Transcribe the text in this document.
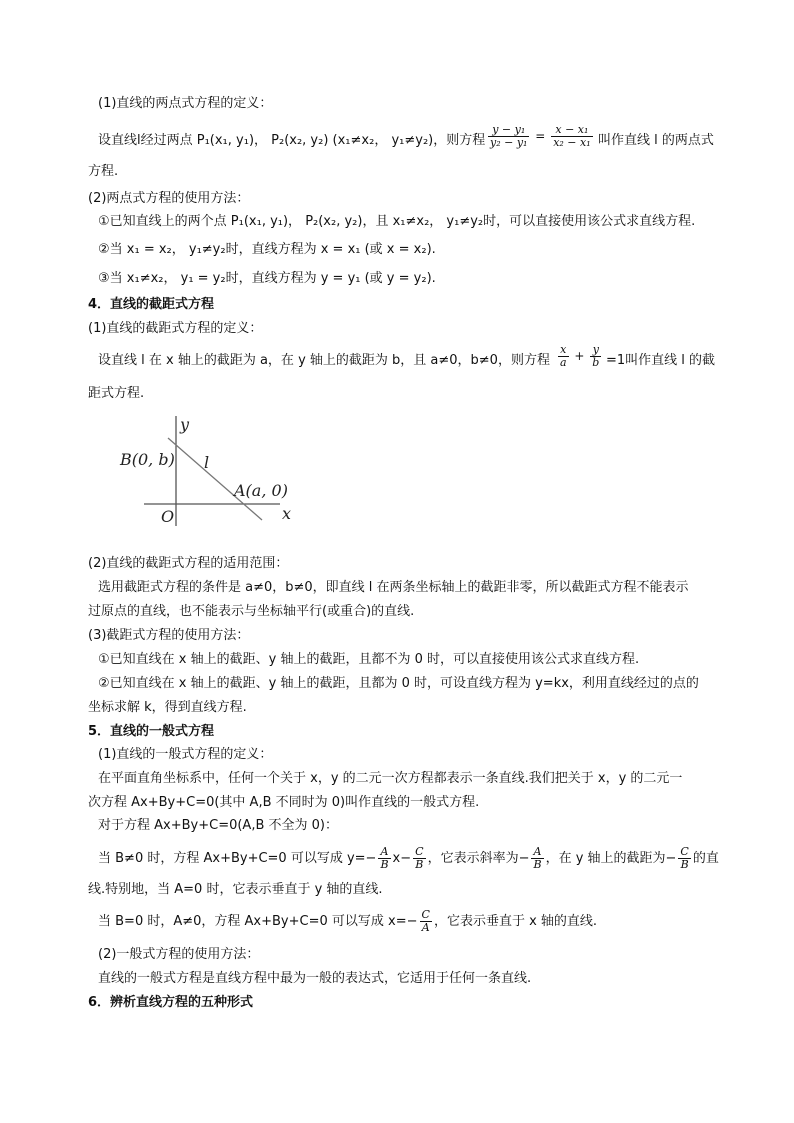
(1)直线的两点式方程的定义：
设直线l经过两点 P₁(x₁, y₁)， P₂(x₂, y₂) (x₁≠x₂， y₁≠y₂)，则方程 $\frac{\text{y − y₁}}{\text{y₂ − y₁}} = \frac{\text{x − x₁}}{\text{x₂ − x₁}}$ 叫作直线 l 的两点式
方程.
(2)两点式方程的使用方法：
①已知直线上的两个点 P₁(x₁, y₁)， P₂(x₂, y₂)，且 x₁≠x₂， y₁≠y₂时，可以直接使用该公式求直线方程.
②当 x₁ = x₂， y₁≠y₂时，直线方程为 x = x₁ (或 x = x₂).
③当 x₁≠x₂， y₁ = y₂时，直线方程为 y = y₁ (或 y = y₂).
4．直线的截距式方程
(1)直线的截距式方程的定义：
设直线 l 在 x 轴上的截距为 a，在 y 轴上的截距为 b，且 a≠0，b≠0，则方程 $\frac{x}{a} + \frac{y}{b} =1$叫作直线 l 的截
距式方程.
y
x
O
B(0, b)
A(a, 0)
l
(2)直线的截距式方程的适用范围：
选用截距式方程的条件是 a≠0，b≠0，即直线 l 在两条坐标轴上的截距非零，所以截距式方程不能表示
过原点的直线，也不能表示与坐标轴平行(或重合)的直线.
(3)截距式方程的使用方法：
①已知直线在 x 轴上的截距、y 轴上的截距，且都不为 0 时，可以直接使用该公式求直线方程.
②已知直线在 x 轴上的截距、y 轴上的截距，且都为 0 时，可设直线方程为 y=kx，利用直线经过的点的
坐标求解 k，得到直线方程.
5．直线的一般式方程
(1)直线的一般式方程的定义：
在平面直角坐标系中，任何一个关于 x，y 的二元一次方程都表示一条直线.我们把关于 x，y 的二元一
次方程 Ax+By+C=0(其中 A,B 不同时为 0)叫作直线的一般式方程.
对于方程 Ax+By+C=0(A,B 不全为 0)：
当 B≠0 时，方程 Ax+By+C=0 可以写成 $y=- \frac{A}{B} x- \frac{C}{B}$ ，它表示斜率为− $\frac{A}{B}$ ，在 y 轴上的截距为− $\frac{C}{B}$ 的直
线.特别地，当 A=0 时，它表示垂直于 y 轴的直线.
当 B=0 时，A≠0，方程 Ax+By+C=0 可以写成 $x=- \frac{C}{A}$ ，它表示垂直于 x 轴的直线.
(2)一般式方程的使用方法：
直线的一般式方程是直线方程中最为一般的表达式，它适用于任何一条直线.
6．辨析直线方程的五种形式
